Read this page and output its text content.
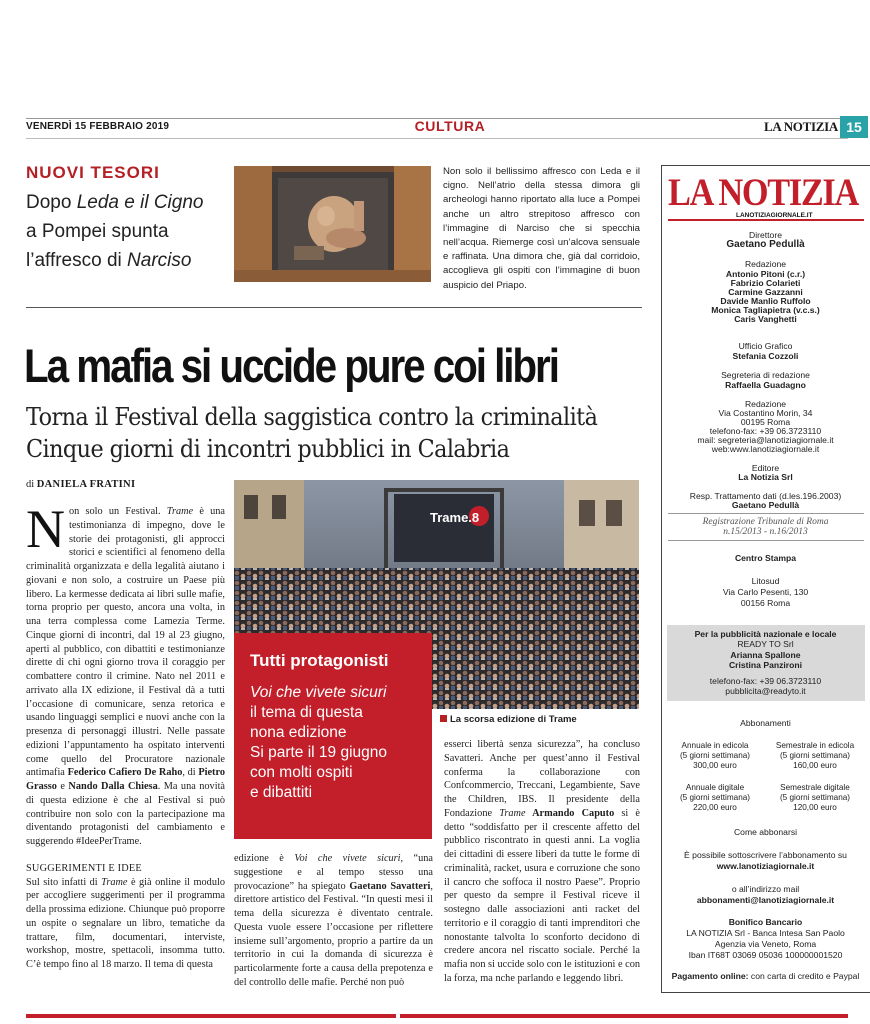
VENERDÌ 15 FEBBRAIO 2019	CULTURA	LA NOTIZIA 15
NUOVI TESORI
Dopo Leda e il Cigno
a Pompei spunta
l’affresco di Narciso
Non solo il bellissimo affresco con Leda e il cigno. Nell’atrio della stessa dimora gli archeologi hanno riportato alla luce a Pompei anche un altro strepitoso affresco con l’immagine di Narciso che si specchia nell’acqua. Riemerge così un’alcova sensuale e raffinata. Una dimora che, già dal corridoio, accoglieva gli ospiti con l’immagine di buon auspicio del Priapo.
La mafia si uccide pure coi libri
Torna il Festival della saggistica contro la criminalità
Cinque giorni di incontri pubblici in Calabria
di DANIELA FRATINI
Non solo un Festival. Trame è una testimonianza di impegno, dove le storie dei protagonisti, gli approcci storici e scientifici al fenomeno della criminalità organizzata e della legalità aiutano i giovani e non solo, a costruire un Paese più libero. La kermesse dedicata ai libri sulle mafie, torna proprio per questo, ancora una volta, in una terra complessa come Lamezia Terme. Cinque giorni di incontri, dal 19 al 23 giugno, aperti al pubblico, con dibattiti e testimonianze dirette di chi ogni giorno trova il coraggio per combattere contro il crimine. Nato nel 2011 e arrivato alla IX edizione, il Festival dà a tutti l’occasione di comunicare, senza retorica e usando linguaggi semplici e nuovi anche con la presenza di personaggi illustri. Nelle passate edizioni l’appuntamento ha ospitato interventi come quello del Procuratore nazionale antimafia Federico Cafiero De Raho, di Pietro Grasso e Nando Dalla Chiesa. Ma una novità di questa edizione è che al Festival si può contribuire non solo con la partecipazione ma diventando protagonisti del cambiamento e suggerendo #IdeePerTrame.
SUGGERIMENTI E IDEE
Sul sito infatti di Trame è già online il modulo per accogliere suggerimenti per il programma della prossima edizione. Chiunque può proporre un ospite o segnalare un libro, tematiche da trattare, film, documentari, interviste, workshop, mostre, spettacoli, insomma tutto. C’è tempo fino al 18 marzo. Il tema di questa
Trame.8
La scorsa edizione di Trame
Tutti protagonisti
Voi che vivete sicuri
il tema di questa
nona edizione
Si parte il 19 giugno
con molti ospiti
e dibattiti
edizione è Voi che vivete sicuri, “una suggestione e al tempo stesso una provocazione” ha spiegato Gaetano Savatteri, direttore artistico del Festival. “In questi mesi il tema della sicurezza è diventato centrale. Questa vuole essere l’occasione per riflettere insieme sull’argomento, proprio a partire da un territorio in cui la domanda di sicurezza è particolarmente forte a causa della prepotenza e del controllo delle mafie. Perché non può
esserci libertà senza sicurezza”, ha concluso Savatteri. Anche per quest’anno il Festival conferma la collaborazione con Confcommercio, Treccani, Legambiente, Save the Children, IBS. Il presidente della Fondazione Trame Armando Caputo si è detto “soddisfatto per il crescente affetto del pubblico riscontrato in questi anni. La voglia dei cittadini di essere liberi da tutte le forme di criminalità, racket, usura e corruzione che sono il cancro che soffoca il nostro Paese”. Proprio per questo da sempre il Festival riceve il sostegno dalle associazioni anti racket del territorio e il coraggio di tanti imprenditori che nonostante talvolta lo sconforto decidono di credere ancora nel riscatto sociale. Perché la mafia non si uccide solo con le istituzioni e con la forza, ma nche parlando e leggendo libri.
LA NOTIZIA
LANOTIZIAGIORNALE.IT
Direttore
Gaetano Pedullà
Redazione
Antonio Pitoni (c.r.)
Fabrizio Colarieti
Carmine Gazzanni
Davide Manlio Ruffolo
Monica Tagliapietra (v.c.s.)
Caris Vanghetti
Ufficio Grafico
Stefania Cozzoli
Segreteria di redazione
Raffaella Guadagno
Redazione
Via Costantino Morin, 34
00195 Roma
telefono-fax: +39 06.3723110
mail: segreteria@lanotiziagiornale.it
web:www.lanotiziagiornale.it
Editore
La Notizia Srl
Resp. Trattamento dati (d.les.196.2003)
Gaetano Pedullà
Registrazione Tribunale di Roma
n.15/2013 - n.16/2013
Centro Stampa
Litosud
Via Carlo Pesenti, 130
00156 Roma
Per la pubblicità nazionale e locale
READY TO Srl
Arianna Spallone
Cristina Panzironi
telefono-fax: +39 06.3723110
pubblicita@readyto.it
Abbonamenti
Annuale in edicola
(5 giorni settimana)
300,00 euro
Semestrale in edicola
(5 giorni settimana)
160,00 euro
Annuale digitale
(5 giorni settimana)
220,00 euro
Semestrale digitale
(5 giorni settimana)
120,00 euro
Come abbonarsi
È possibile sottoscrivere l’abbonamento su
www.lanotiziagiornale.it
o all’indirizzo mail
abbonamenti@lanotiziagiornale.it
Bonifico Bancario
LA NOTIZIA Srl - Banca Intesa San Paolo
Agenzia via Veneto, Roma
Iban IT68T 03069 05036 100000001520
Pagamento online: con carta di credito e Paypal
